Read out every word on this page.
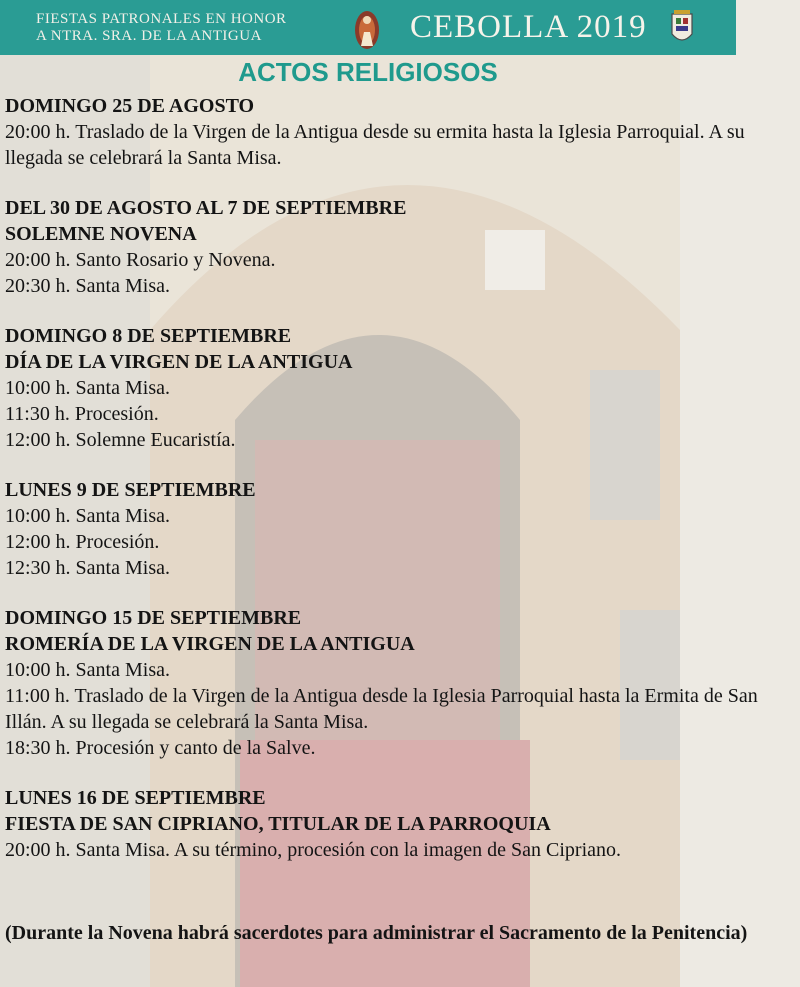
FIESTAS PATRONALES EN HONOR
A NTRA. SRA. DE LA ANTIGUA	CEBOLLA 2019
ACTOS RELIGIOSOS
DOMINGO 25 DE AGOSTO
20:00 h. Traslado de la Virgen de la Antigua desde su ermita hasta la Iglesia Parroquial. A su llegada se celebrará la Santa Misa.
DEL 30 DE AGOSTO AL 7 DE SEPTIEMBRE
SOLEMNE NOVENA
20:00 h. Santo Rosario y Novena.
20:30 h. Santa Misa.
DOMINGO 8 DE SEPTIEMBRE
DÍA DE LA VIRGEN DE LA ANTIGUA
10:00 h. Santa Misa.
11:30 h. Procesión.
12:00 h. Solemne Eucaristía.
LUNES 9 DE SEPTIEMBRE
10:00 h. Santa Misa.
12:00 h. Procesión.
12:30 h. Santa Misa.
DOMINGO 15 DE SEPTIEMBRE
ROMERÍA DE LA VIRGEN DE LA ANTIGUA
10:00 h. Santa Misa.
11:00 h. Traslado de la Virgen de la Antigua desde la Iglesia Parroquial hasta la Ermita de San Illán. A su llegada se celebrará la Santa Misa.
18:30 h. Procesión y canto de la Salve.
LUNES 16 DE SEPTIEMBRE
FIESTA DE SAN CIPRIANO, TITULAR DE LA PARROQUIA
20:00 h. Santa Misa. A su término, procesión con la imagen de San Cipriano.
(Durante la Novena habrá sacerdotes para administrar el Sacramento de la Penitencia)
